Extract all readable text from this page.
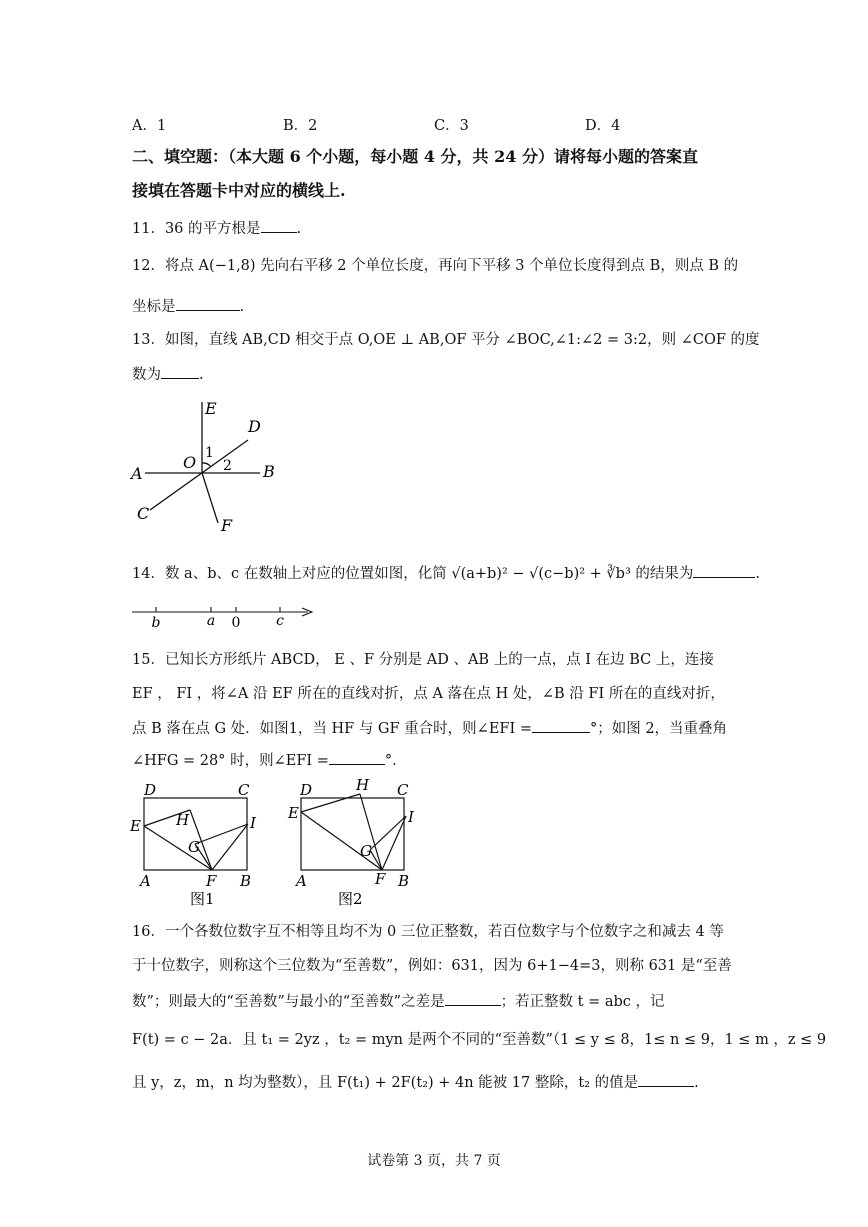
A．1	B．2	C．3	D．4
二、填空题：（本大题 6 个小题，每小题 4 分，共 24 分）请将每小题的答案直
接填在答题卡中对应的横线上.
11．36 的平方根是 .
12．将点 A(−1,8) 先向右平移 2 个单位长度，再向下平移 3 个单位长度得到点 B，则点 B 的
坐标是	.
13．如图，直线 AB,CD 相交于点 O,OE ⊥ AB,OF 平分 ∠BOC,∠1:∠2 = 3:2，则 ∠COF 的度
数为	.
E
D
O 1
2
A	B
C
F
14．数 a、b、c 在数轴上对应的位置如图，化简 √(a+b)² − √(c−b)² + ∛b³ 的结果为	.
b	a 0	c
15．已知长方形纸片 ABCD， E 、F 分别是 AD 、AB 上的一点，点 I 在边 BC 上，连接
EF ， FI ，将∠A 沿 EF 所在的直线对折，点 A 落在点 H 处，∠B 沿 FI 所在的直线对折，
点 B 落在点 G 处．如图1，当 HF 与 GF 重合时，则∠EFI =	°；如图 2，当重叠角
∠HFG = 28° 时，则∠EFI =	°．
D	C
E H	I
G
A	F B
图1
D	H C
E	I
G
A	F B
图2
16．一个各数位数字互不相等且均不为 0 三位正整数，若百位数字与个位数字之和减去 4 等
于十位数字，则称这个三位数为“至善数”，例如：631，因为 6+1−4=3，则称 631 是“至善
数”；则最大的“至善数”与最小的“至善数”之差是	；若正整数 t = abc ，记
F(t) = c − 2a．且 t₁ = 2yz ，t₂ = myn 是两个不同的“至善数”（1 ≤ y ≤ 8，1≤ n ≤ 9，1 ≤ m ，z ≤ 9
且 y，z，m，n 均为整数），且 F(t₁) + 2F(t₂) + 4n 能被 17 整除，t₂ 的值是	.
试卷第 3 页，共 7 页
